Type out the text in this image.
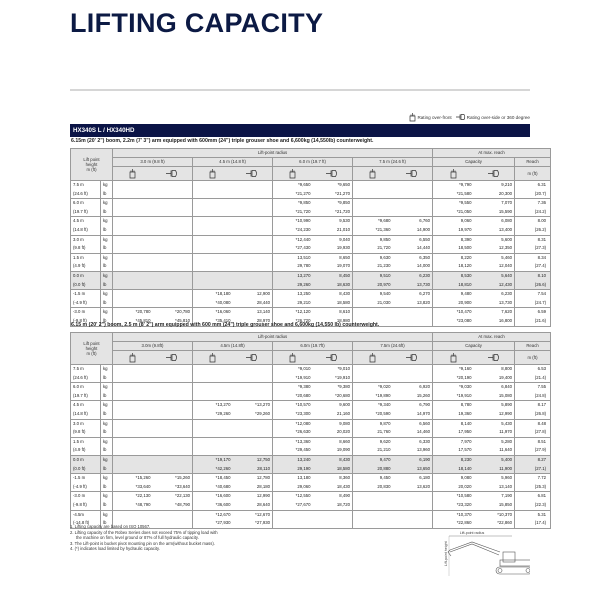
LIFTING CAPACITY
Rating over-front	Rating over-side or 360 degree
HX340S L / HX340HD
6.15m (20' 2") boom, 2.2m (7' 3") arm equipped with 600mm (24") triple grouser shoe and 6,600kg (14,550lb) counterweight.
Lift point
height
m (ft)		Lift-point radius								At max. reach		
		3.0 m (9.8 ft)		4.5 m (14.8 ft)		6.0 m (19.7 ft)		7.5 m (24.6 ft)		Capacity		Reach
										m (ft)
7.5 m	kg					*9,650	*9,650			*9,790	9,210	6.31
(24.6 ft)	lb					*21,270	*21,270			*21,580	20,300	(20.7)
6.0 m	kg					*9,850	*9,850			*9,550	7,070	7.36
(19.7 ft)	lb					*21,720	*21,720			*21,050	15,590	(24.2)
4.5 m	kg					*10,990	9,530	*9,680	6,760	9,060	6,080	8.00
(14.8 ft)	lb					*24,230	21,010	*21,360	14,900	19,970	13,400	(26.2)
3.0 m	kg					*12,440	9,040	9,850	6,550	8,390	5,600	8.31
(9.8 ft)	lb					*27,430	19,930	21,720	14,440	18,500	12,350	(27.3)
1.5 m	kg					13,510	8,650	9,630	6,350	8,220	5,460	8.34
(4.9 ft)	lb					29,780	19,070	21,230	14,000	18,120	12,040	(27.4)
0.0 m	kg					13,270	8,450	9,510	6,230	8,530	5,640	8.10
(0.0 ft)	lb					29,260	18,630	20,970	13,730	18,810	12,430	(26.6)
-1.5 m	kg			*18,180	12,900	13,250	8,430	9,540	6,270	9,480	6,230	7.54
(-4.9 ft)	lb			*40,080	28,440	29,210	18,580	21,030	13,820	20,900	13,730	(24.7)
-3.0 m	kg	*20,780	*20,780	*16,060	13,140	*12,120	8,610			*10,470	7,620	6.59
(-9.8 ft)	lb	*45,810	*45,810	*35,410	28,970	*26,720	18,980			*23,080	16,800	(21.6)
6.15 m (20' 2") boom, 2.5 m (8' 2") arm equipped with 600 mm (24") triple grouser shoe and 6,600kg (14,550 lb) counterweight.
Lift point
height
m (ft)		Lift-point radius								At max. reach		
		3.0m (9.8ft)		4.5m (14.8ft)		6.0m (19.7ft)		7.5m (24.6ft)		Capacity		Reach
										m (ft)
7.5 m	kg					*9,010	*9,010			*9,160	8,800	6.53
(24.6 ft)	lb					*19,910	*19,910			*20,190	19,400	(21.4)
6.0 m	kg					*9,380	*9,380	*9,020	6,920	*9,030	6,840	7.55
(19.7 ft)	lb					*20,680	*20,680	*19,890	15,260	*19,910	15,080	(24.8)
4.5 m	kg			*13,270	*13,270	*10,570	9,600	*9,340	6,790	8,780	5,890	8.17
(14.8 ft)	lb			*29,260	*29,260	*23,300	21,160	*20,590	14,970	19,360	12,990	(26.8)
3.0 m	kg					*12,080	9,080	9,870	6,560	8,140	5,430	8.48
(9.8 ft)	lb					*26,630	20,020	21,760	14,460	17,950	11,970	(27.8)
1.5 m	kg					*13,360	8,660	9,620	6,330	7,970	5,280	8.51
(4.9 ft)	lb					*29,450	19,090	21,210	13,960	17,570	11,640	(27.9)
0.0 m	kg			*19,170	12,750	13,240	8,430	9,470	6,190	8,230	5,400	8.27
(0.0 ft)	lb			*42,260	28,110	29,190	18,580	20,880	13,650	18,140	11,900	(27.1)
-1.5 m	kg	*15,260	*15,260	*18,450	12,780	13,180	8,360	9,450	6,180	9,080	5,960	7.72
(-4.9 ft)	lb	*33,640	*33,640	*40,680	28,180	29,060	18,430	20,830	13,620	20,020	13,140	(25.3)
-3.0 m	kg	*22,130	*22,130	*16,600	12,990	*12,550	8,490			*10,580	7,190	6.81
(-9.8 ft)	lb	*48,790	*48,790	*36,600	28,640	*27,670	18,720			*23,320	15,850	(22.3)
-4.5m	kg			*12,670	*12,670					*10,370	*10,370	5.31
(-14.8 ft)	lb			*27,930	*27,930					*22,860	*22,860	(17.4)
1. Lifting capacity are based on ISO 10567.
2. Lifting capacity of the Robex Series does not exceed 75% of tipping load with
the machine on firm, level ground or 87% of full hydraulic capacity.
3. The Lift-point is bucket pivot mounting pin on the arm(without bucket mass).
4. (*) indicates load limited by hydraulic capacity.
Lift-point radius
Lift-point height
